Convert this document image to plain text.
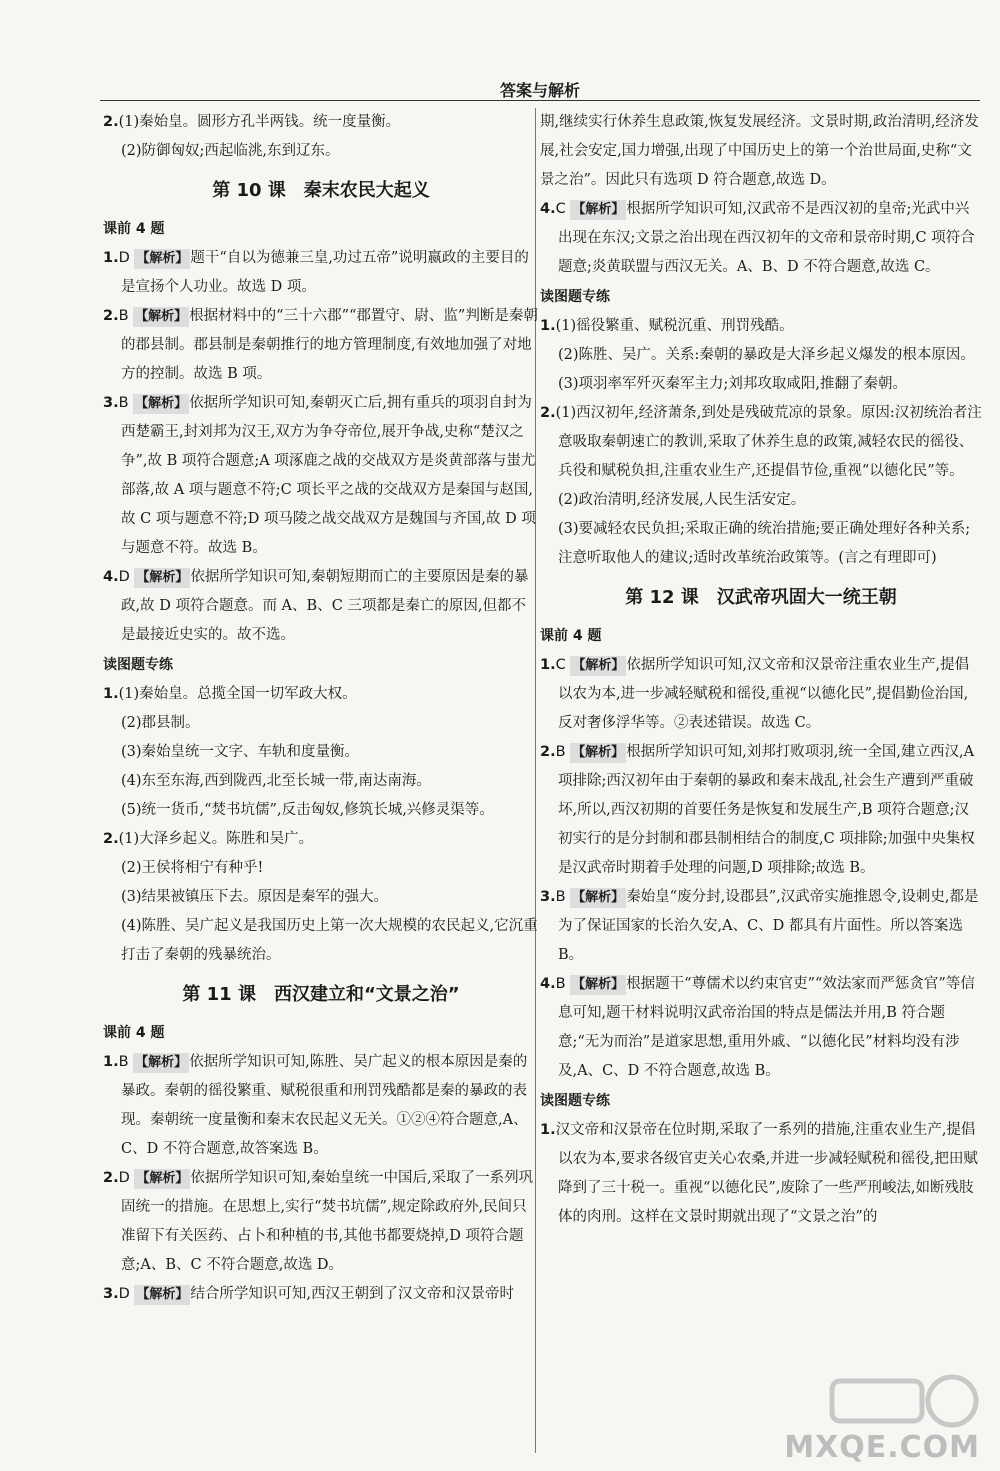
答案与解析
2.(1)秦始皇。圆形方孔半两钱。统一度量衡。
(2)防御匈奴;西起临洮,东到辽东。
第 10 课　秦末农民大起义
课前 4 题
1.D 【解析】 题干“自以为德兼三皇,功过五帝”说明嬴政的主要目的是宣扬个人功业。故选 D 项。
2.B 【解析】 根据材料中的“三十六郡”“郡置守、尉、监”判断是秦朝的郡县制。郡县制是秦朝推行的地方管理制度,有效地加强了对地方的控制。故选 B 项。
3.B 【解析】 依据所学知识可知,秦朝灭亡后,拥有重兵的项羽自封为西楚霸王,封刘邦为汉王,双方为争夺帝位,展开争战,史称“楚汉之争”,故 B 项符合题意;A 项涿鹿之战的交战双方是炎黄部落与蚩尤部落,故 A 项与题意不符;C 项长平之战的交战双方是秦国与赵国,故 C 项与题意不符;D 项马陵之战交战双方是魏国与齐国,故 D 项与题意不符。故选 B。
4.D 【解析】 依据所学知识可知,秦朝短期而亡的主要原因是秦的暴政,故 D 项符合题意。而 A、B、C 三项都是秦亡的原因,但都不是最接近史实的。故不选。
读图题专练
1.(1)秦始皇。总揽全国一切军政大权。
(2)郡县制。
(3)秦始皇统一文字、车轨和度量衡。
(4)东至东海,西到陇西,北至长城一带,南达南海。
(5)统一货币,“焚书坑儒”,反击匈奴,修筑长城,兴修灵渠等。
2.(1)大泽乡起义。陈胜和吴广。
(2)王侯将相宁有种乎!
(3)结果被镇压下去。原因是秦军的强大。
(4)陈胜、吴广起义是我国历史上第一次大规模的农民起义,它沉重打击了秦朝的残暴统治。
第 11 课　西汉建立和“文景之治”
课前 4 题
1.B 【解析】 依据所学知识可知,陈胜、吴广起义的根本原因是秦的暴政。秦朝的徭役繁重、赋税很重和刑罚残酷都是秦的暴政的表现。秦朝统一度量衡和秦末农民起义无关。①②④符合题意,A、C、D 不符合题意,故答案选 B。
2.D 【解析】 依据所学知识可知,秦始皇统一中国后,采取了一系列巩固统一的措施。在思想上,实行“焚书坑儒”,规定除政府外,民间只准留下有关医药、占卜和种植的书,其他书都要烧掉,D 项符合题意;A、B、C 不符合题意,故选 D。
3.D 【解析】 结合所学知识可知,西汉王朝到了汉文帝和汉景帝时
期,继续实行休养生息政策,恢复发展经济。文景时期,政治清明,经济发展,社会安定,国力增强,出现了中国历史上的第一个治世局面,史称“文景之治”。因此只有选项 D 符合题意,故选 D。
4.C 【解析】 根据所学知识可知,汉武帝不是西汉初的皇帝;光武中兴出现在东汉;文景之治出现在西汉初年的文帝和景帝时期,C 项符合题意;炎黄联盟与西汉无关。A、B、D 不符合题意,故选 C。
读图题专练
1.(1)徭役繁重、赋税沉重、刑罚残酷。
(2)陈胜、吴广。关系:秦朝的暴政是大泽乡起义爆发的根本原因。
(3)项羽率军歼灭秦军主力;刘邦攻取咸阳,推翻了秦朝。
2.(1)西汉初年,经济萧条,到处是残破荒凉的景象。原因:汉初统治者注意吸取秦朝速亡的教训,采取了休养生息的政策,减轻农民的徭役、兵役和赋税负担,注重农业生产,还提倡节俭,重视“以德化民”等。
(2)政治清明,经济发展,人民生活安定。
(3)要减轻农民负担;采取正确的统治措施;要正确处理好各种关系;注意听取他人的建议;适时改革统治政策等。(言之有理即可)
第 12 课　汉武帝巩固大一统王朝
课前 4 题
1.C 【解析】 依据所学知识可知,汉文帝和汉景帝注重农业生产,提倡以农为本,进一步减轻赋税和徭役,重视“以德化民”,提倡勤俭治国,反对奢侈浮华等。②表述错误。故选 C。
2.B 【解析】 根据所学知识可知,刘邦打败项羽,统一全国,建立西汉,A 项排除;西汉初年由于秦朝的暴政和秦末战乱,社会生产遭到严重破坏,所以,西汉初期的首要任务是恢复和发展生产,B 项符合题意;汉初实行的是分封制和郡县制相结合的制度,C 项排除;加强中央集权是汉武帝时期着手处理的问题,D 项排除;故选 B。
3.B 【解析】 秦始皇“废分封,设郡县”,汉武帝实施推恩令,设刺史,都是为了保证国家的长治久安,A、C、D 都具有片面性。所以答案选 B。
4.B 【解析】 根据题干“尊儒术以约束官吏”“效法家而严惩贪官”等信息可知,题干材料说明汉武帝治国的特点是儒法并用,B 符合题意;“无为而治”是道家思想,重用外戚、“以德化民”材料均没有涉及,A、C、D 不符合题意,故选 B。
读图题专练
1.汉文帝和汉景帝在位时期,采取了一系列的措施,注重农业生产,提倡以农为本,要求各级官吏关心农桑,并进一步减轻赋税和徭役,把田赋降到了三十税一。重视“以德化民”,废除了一些严刑峻法,如断残肢体的肉刑。这样在文景时期就出现了“文景之治”的
MXQE.COM
